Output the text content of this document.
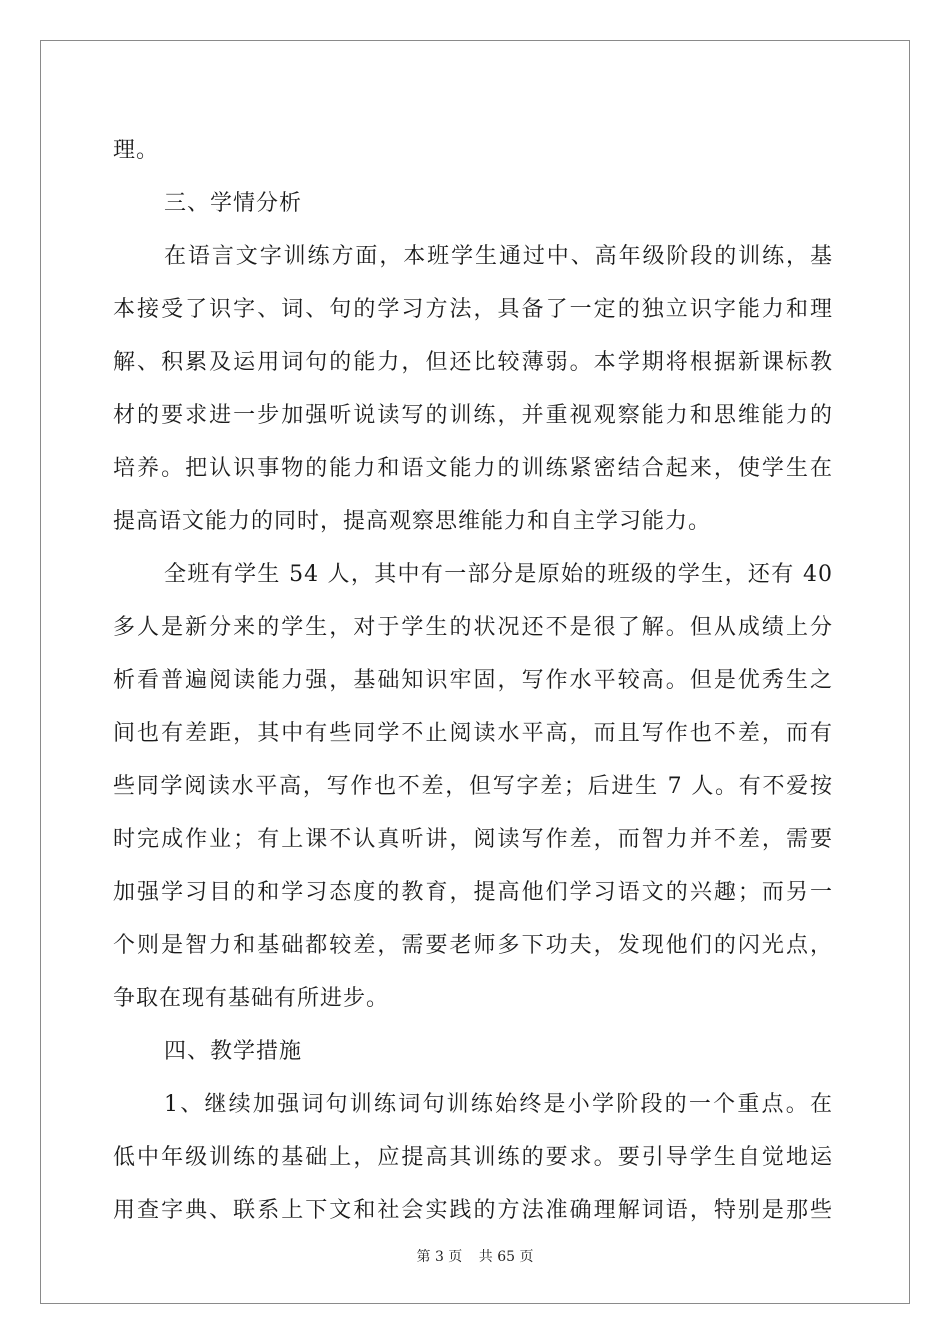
理。
三、学情分析
在语言文字训练方面，本班学生通过中、高年级阶段的训练，基
本接受了识字、词、句的学习方法，具备了一定的独立识字能力和理
解、积累及运用词句的能力，但还比较薄弱。本学期将根据新课标教
材的要求进一步加强听说读写的训练，并重视观察能力和思维能力的
培养。把认识事物的能力和语文能力的训练紧密结合起来，使学生在
提高语文能力的同时，提高观察思维能力和自主学习能力。
全班有学生 54 人，其中有一部分是原始的班级的学生，还有 40
多人是新分来的学生，对于学生的状况还不是很了解。但从成绩上分
析看普遍阅读能力强，基础知识牢固，写作水平较高。但是优秀生之
间也有差距，其中有些同学不止阅读水平高，而且写作也不差，而有
些同学阅读水平高，写作也不差，但写字差；后进生 7 人。有不爱按
时完成作业；有上课不认真听讲，阅读写作差，而智力并不差，需要
加强学习目的和学习态度的教育，提高他们学习语文的兴趣；而另一
个则是智力和基础都较差，需要老师多下功夫，发现他们的闪光点，
争取在现有基础有所进步。
四、教学措施
1、继续加强词句训练词句训练始终是小学阶段的一个重点。在
低中年级训练的基础上，应提高其训练的要求。要引导学生自觉地运
用查字典、联系上下文和社会实践的方法准确理解词语，特别是那些
第 3 页 共 65 页
